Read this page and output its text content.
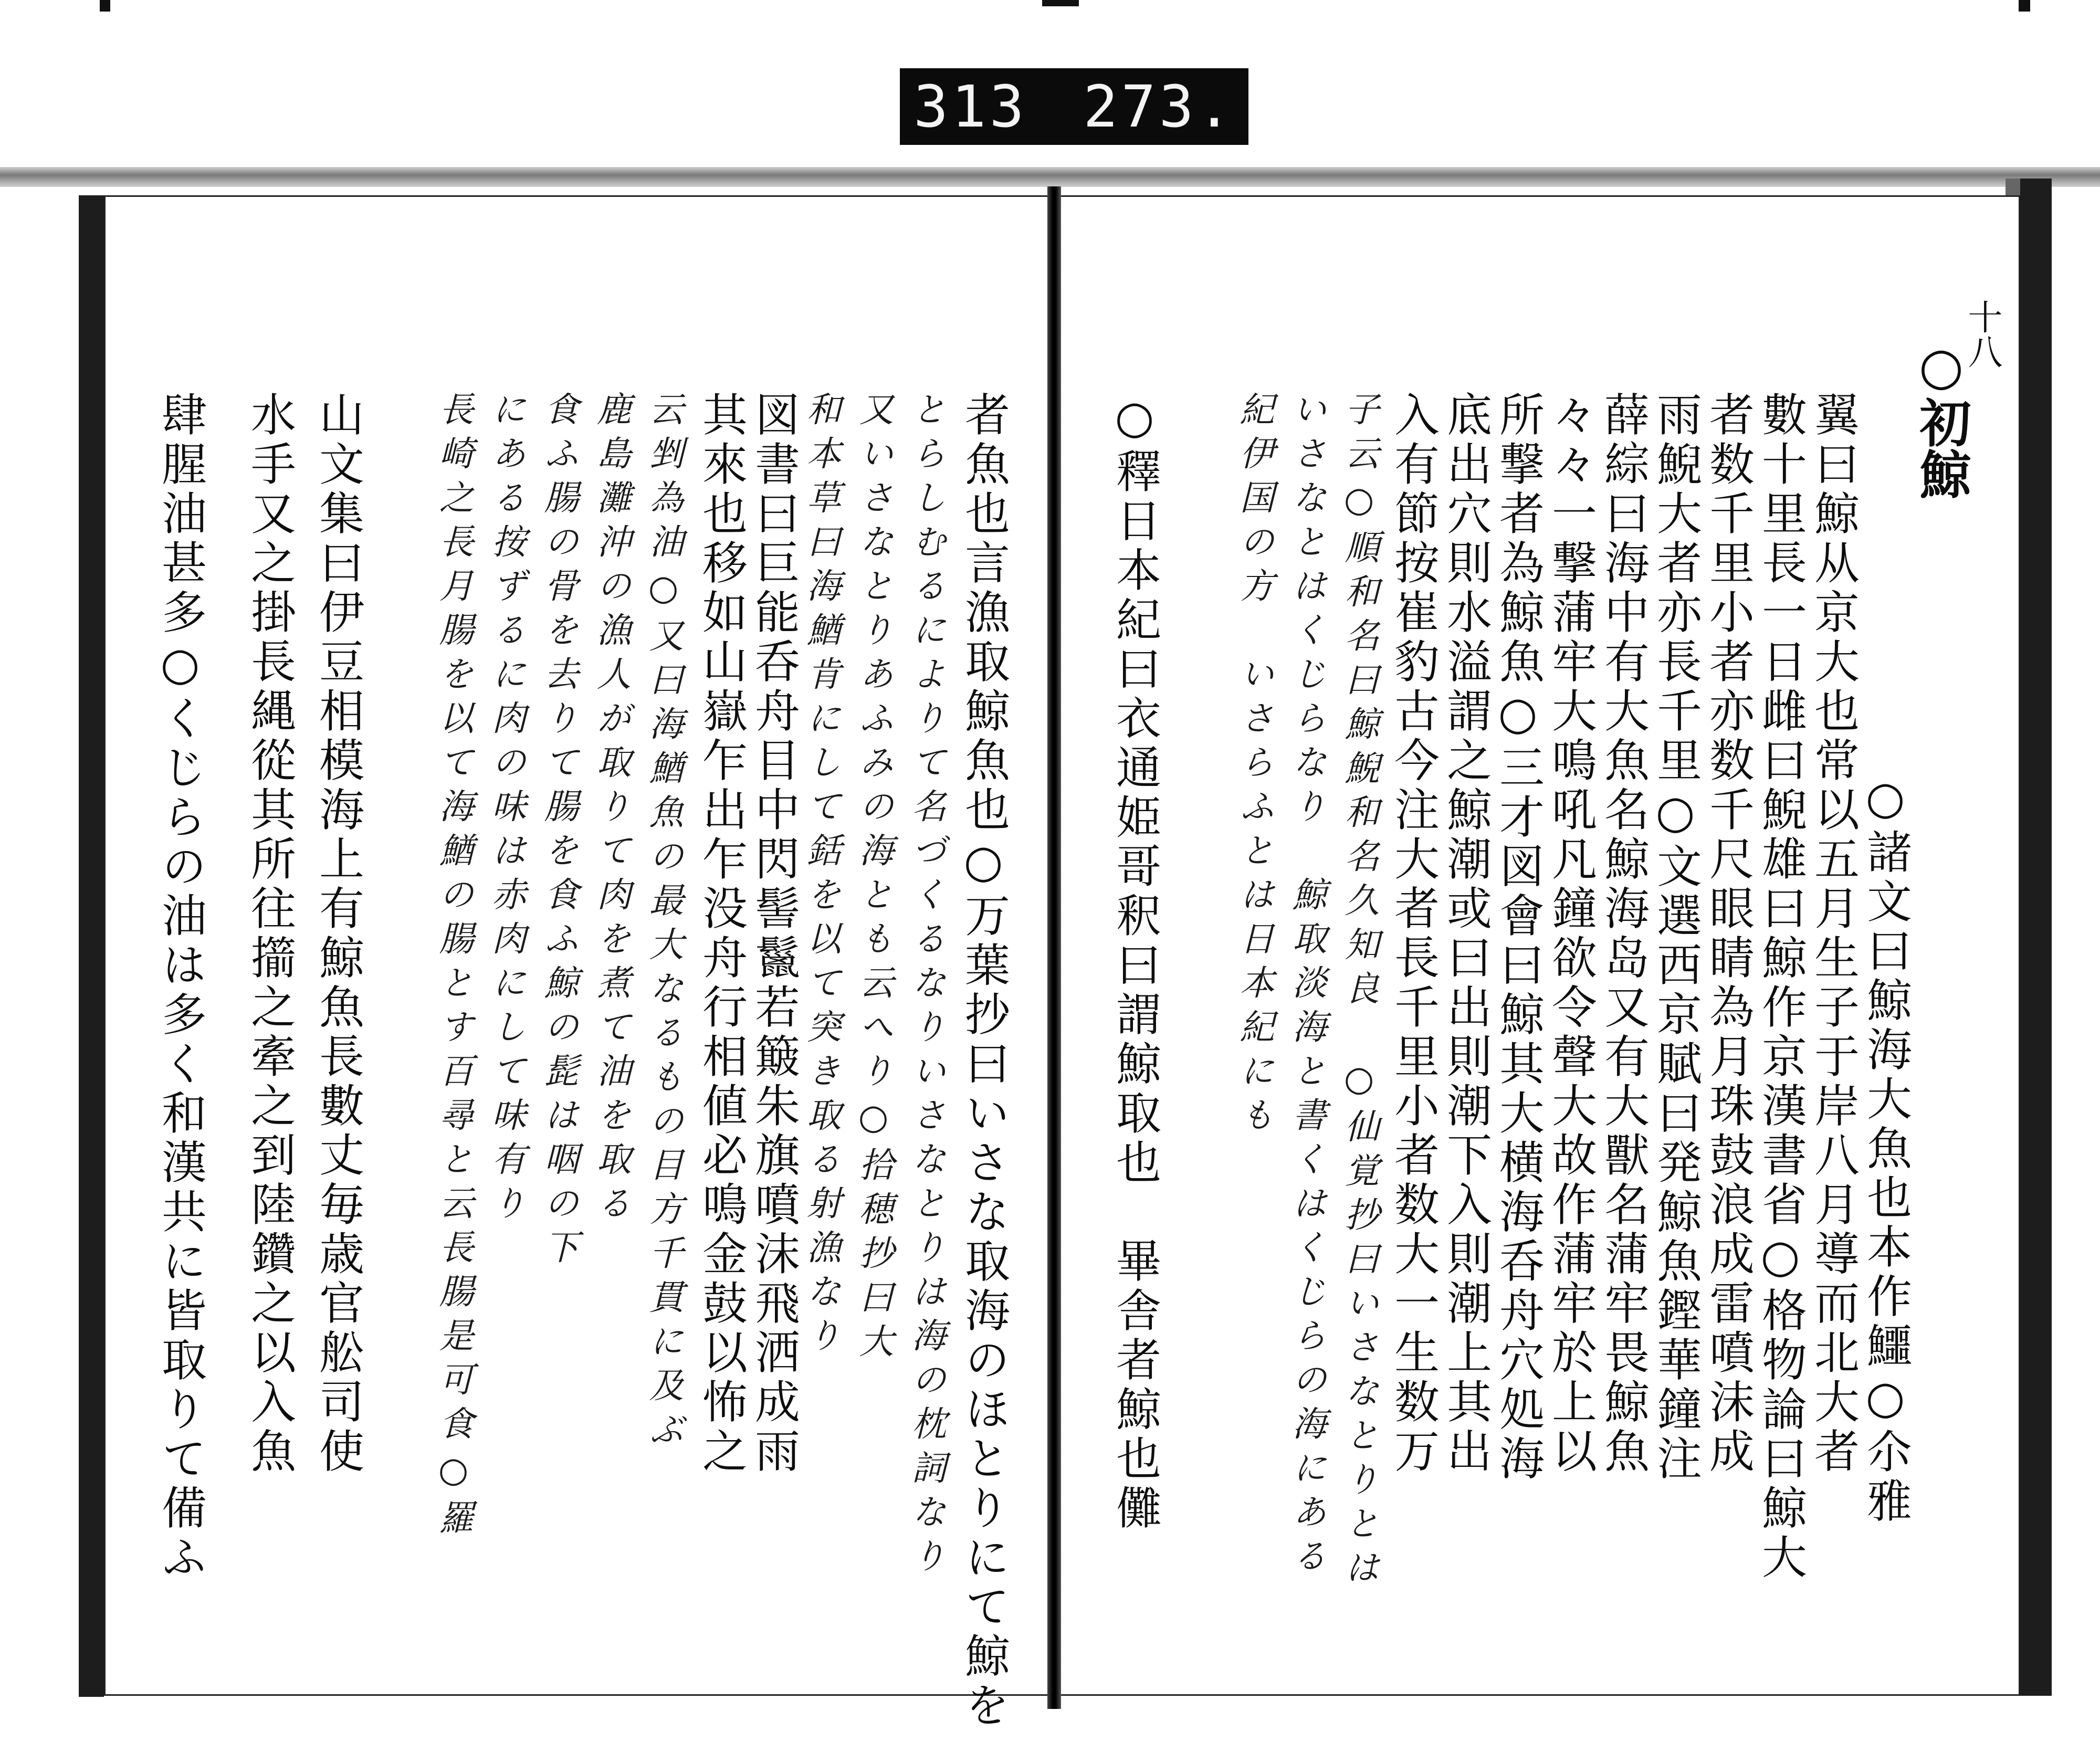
313 273.
十八
○初鯨
○諸文曰鯨海大魚也本作鱷○尒雅
翼曰鯨从京大也常以五月生子于岸八月導而北大者
數十里長一日雌曰鯢雄曰鯨作京漢書省○格物論曰鯨大
者数千里小者亦数千尺眼睛為月珠鼓浪成雷噴沫成
雨鯢大者亦長千里○文選西京賦曰発鯨魚鏗華鐘注
薛綜曰海中有大魚名鯨海岛又有大獸名蒲牢畏鯨魚
々々一撃蒲牢大鳴吼凡鐘欲令聲大故作蒲牢於上以
所撃者為鯨魚○三才図會曰鯨其大横海呑舟穴処海
底出穴則水溢謂之鯨潮或曰出則潮下入則潮上其出
入有節按崔豹古今注大者長千里小者数大一生数万
子云○順和名曰鯨鯢和名久知良　○仙覚抄曰いさなとりとは
いさなとはくじらなり　鯨取淡海と書くはくじらの海にある
紀伊国の方　いさらふとは日本紀にも
○釋日本紀曰衣通姫哥釈曰謂鯨取也　畢舎者鯨也儺
者魚也言漁取鯨魚也○万葉抄曰いさな取海のほとりにて鯨を
とらしむるによりて名づくるなりいさなとりは海の枕詞なり
又いさなとりあふみの海とも云へり○拾穂抄曰大
和本草曰海鰌肯にして銛を以て突き取る射漁なり
図書曰巨能呑舟目中閃髻鬣若簸朱旗噴沫飛洒成雨
其來也移如山嶽乍出乍没舟行相値必鳴金鼓以怖之
云剉為油○又曰海鰌魚の最大なるもの目方千貫に及ぶ
鹿島灘沖の漁人が取りて肉を煮て油を取る
食ふ腸の骨を去りて腸を食ふ鯨の髭は咽の下
にある按ずるに肉の味は赤肉にして味有り
長崎之長月腸を以て海鰌の腸とす百尋と云長腸是可食○羅
山文集曰伊豆相模海上有鯨魚長數丈毎歳官舩司使
水手又之掛長縄從其所往擶之牽之到陸鑽之以入魚
肆腥油甚多○くじらの油は多く和漢共に皆取りて備ふ
